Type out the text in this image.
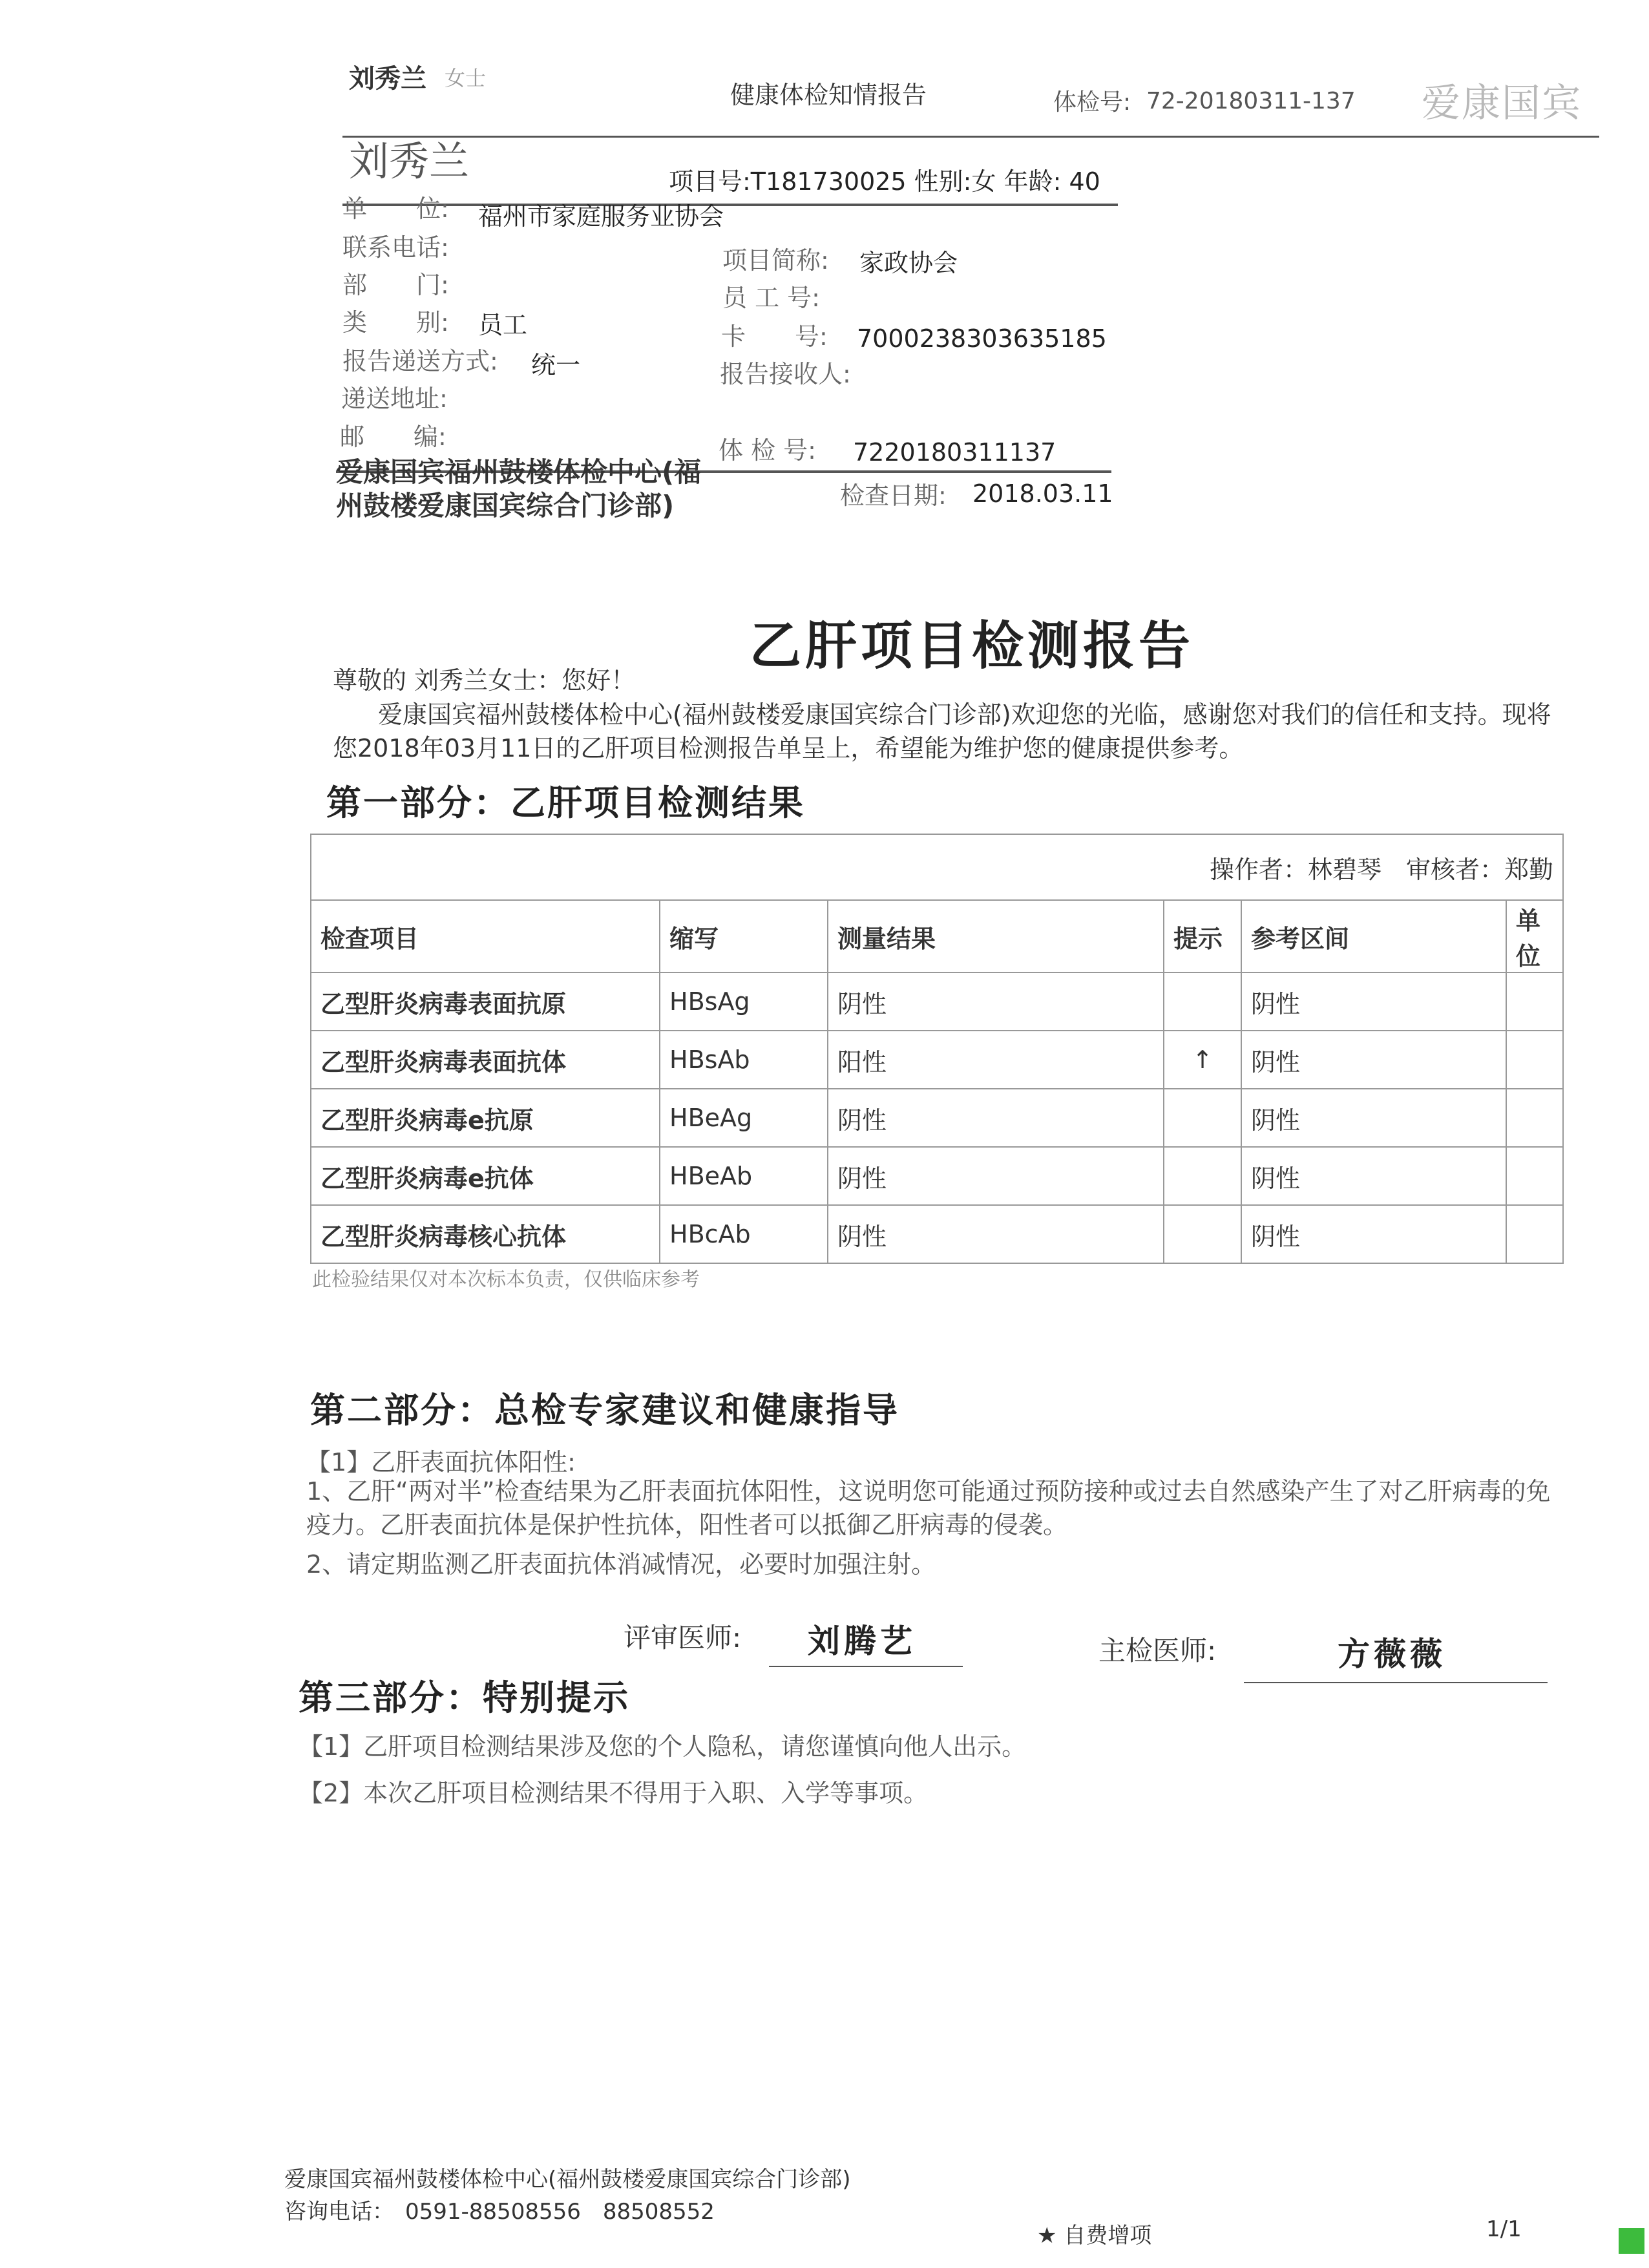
刘秀兰 女士
健康体检知情报告	体检号: 72-20180311-137 爱康国宾
刘秀兰	项目号:T181730025 性别:女 年龄: 40
单　　位: 福州市家庭服务业协会
联系电话:
部　　门:
类　　别: 员工
报告递送方式: 统一
递送地址:
邮　　编:
项目简称: 家政协会
员 工 号:
卡　　号: 7000238303635185
报告接收人:
体 检 号: 7220180311137
检查日期: 2018.03.11
爱康国宾福州鼓楼体检中心(福州鼓楼爱康国宾综合门诊部)
乙肝项目检测报告
尊敬的 刘秀兰女士：您好！
爱康国宾福州鼓楼体检中心(福州鼓楼爱康国宾综合门诊部)欢迎您的光临，感谢您对我们的信任和支持。现将您2018年03月11日的乙肝项目检测报告单呈上，希望能为维护您的健康提供参考。
第一部分：乙肝项目检测结果
操作者：林碧琴　审核者：郑勤					
检查项目	缩写	测量结果	提示	参考区间	单位
乙型肝炎病毒表面抗原	HBsAg	阴性		阴性	
乙型肝炎病毒表面抗体	HBsAb	阳性	↑	阴性	
乙型肝炎病毒e抗原	HBeAg	阴性		阴性	
乙型肝炎病毒e抗体	HBeAb	阴性		阴性	
乙型肝炎病毒核心抗体	HBcAb	阴性		阴性	
此检验结果仅对本次标本负责，仅供临床参考
第二部分：总检专家建议和健康指导
【1】乙肝表面抗体阳性:
1、乙肝“两对半”检查结果为乙肝表面抗体阳性，这说明您可能通过预防接种或过去自然感染产生了对乙肝病毒的免疫力。乙肝表面抗体是保护性抗体，阳性者可以抵御乙肝病毒的侵袭。
2、请定期监测乙肝表面抗体消减情况，必要时加强注射。
评审医师: 刘腾艺	主检医师:	方薇薇
第三部分：特别提示
【1】乙肝项目检测结果涉及您的个人隐私，请您谨慎向他人出示。
【2】本次乙肝项目检测结果不得用于入职、入学等事项。
爱康国宾福州鼓楼体检中心(福州鼓楼爱康国宾综合门诊部)
咨询电话：　0591-88508556　88508552
★ 自费增项	1/1
